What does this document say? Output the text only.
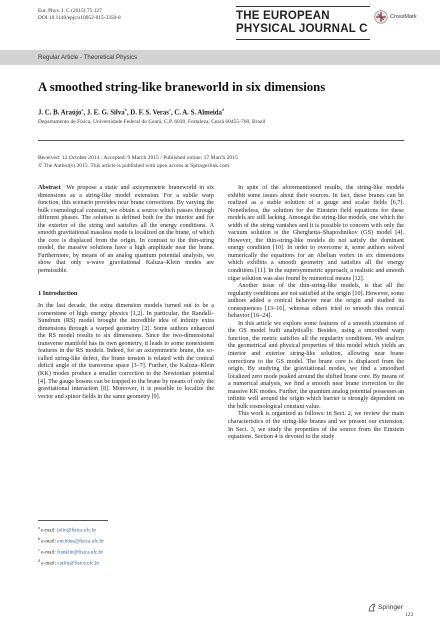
Eur. Phys. J. C (2015) 75:127
DOI 10.1140/epjc/s10052-015-3350-8	THE EUROPEAN
PHYSICAL JOURNAL C
CrossMark
Regular Article - Theoretical Physics
A smoothed string-like braneworld in six dimensions
J. C. B. Araújo$^a$, J. E. G. Silva$^b$, D. F. S. Veras$^c$, C. A. S. Almeida$^d$
Departamento de Física, Universidade Federal do Ceará, C.P. 6030, Fortaleza, Ceará 60455-760, Brazil
Received: 12 October 2014 / Accepted: 9 March 2015 / Published online: 17 March 2015
© The Author(s) 2015. This article is published with open access at Springerlink.com

Abstract We propose a static and axisymmetric braneworld in six dimensions as a string-like model extension. For a subtle warp function, this scenario provides near brane corrections. By varying the bulk cosmological constant, we obtain a source which passes through different phases. The solution is defined both for the interior and for the exterior of the string and satisfies all the energy conditions. A smooth gravitational massless mode is localized on the brane, of which the core is displaced from the origin. In contrast to the thin-string model, the massive solutions have a high amplitude near the brane. Furthermore, by means of an analog quantum potential analysis, we show that only s-wave gravitational Kaluza–Klein modes are permissible.

1 Introduction

In the last decade, the extra dimension models turned out to be a cornerstone of high energy physics [1,2]. In particular, the Randall–Sundrum (RS) model brought the incredible idea of infinity extra dimensions through a warped geometry [2]. Some authors enhanced the RS model results to six dimensions. Since the two-dimensional transverse manifold has its own geometry, it leads to some nonexistent features in the RS models. Indeed, for an axisymmetric brane, the so-called string-like defect, the brane tension is related with the conical deficit angle of the transverse space [3–7]. Further, the Kaluza–Klein (KK) modes produce a smaller correction to the Newtonian potential [4]. The gauge bosons can be trapped to the brane by means of only the gravitational interaction [8]. Moreover, it is possible to localize the vector and spinor fields in the same geometry [9].

In spite of the aforementioned results, the string-like models exhibit some issues about their sources. In fact, these branes can be realized as a stable solution of a gauge and scalar fields [6,7]. Nonetheless, the solution for the Einstein field equations for these models are still lacking. Amongst the string-like models, one which the width of the string vanishes and it is possible to concern with only the vacuum solution is the Gherghetta–Shaposhnikov (GS) model [4]. However, the thin-string-like models do not satisfy the dominant energy condition [10]. In order to overcome it, some authors solved numerically the equations for an Abelian vortex in six dimensions which exhibits a smooth geometry and satisfies all the energy conditions [11]. In the supersymmetric approach, a realistic and smooth cigar solution was also found by numerical means [12].

Another issue of the thin-string-like models, is that all the regularity conditions are not satisfied at the origin [10]. However, some authors added a conical behavior near the origin and studied its consequences [13–16], whereas others tried to smooth this conical behavior [16–24].

In this article we explore some features of a smooth extension of the GS model built analytically. Besides, using a smoothed warp function, the metric satisfies all the regularity conditions. We analyze the geometrical and physical properties of this model which yields an interior and exterior string-like solution, allowing near brane corrections to the GS model. The brane core is displaced from the origin. By studying the gravitational modes, we find a smoothed localized zero mode peaked around the shifted brane core. By means of a numerical analysis, we find a smooth near brane correction to the massive KK modes. Further, the quantum analog potential possesses an infinite well around the origin which barrier is strongly dependent on the bulk cosmological constant value.

This work is organized as follows: in Sect. 2, we review the main characteristics of the string-like branes and we present our extension. In Sect. 3, we study the properties of the source from the Einstein equations. Section 4 is devoted to the study

$^a$ e-mail: julio@fisica.ufc.br
$^b$ e-mail: euclides@fisica.ufc.br
$^c$ e-mail: franklin@fisica.ufc.br
$^d$ e-mail: carlos@fisica.ufc.br
Springer
123
